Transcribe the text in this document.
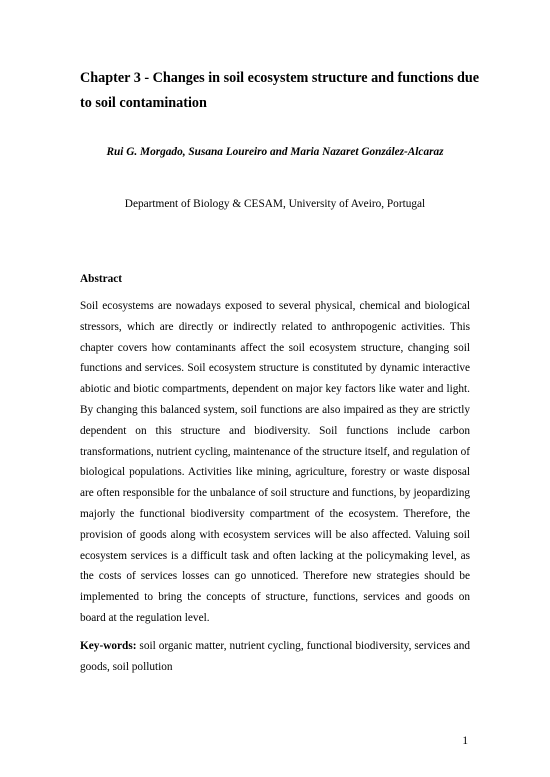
Chapter 3 - Changes in soil ecosystem structure and functions due to soil contamination

Rui G. Morgado, Susana Loureiro and Maria Nazaret González-Alcaraz

Department of Biology & CESAM, University of Aveiro, Portugal

Abstract

Soil ecosystems are nowadays exposed to several physical, chemical and biological stressors, which are directly or indirectly related to anthropogenic activities. This chapter covers how contaminants affect the soil ecosystem structure, changing soil functions and services. Soil ecosystem structure is constituted by dynamic interactive abiotic and biotic compartments, dependent on major key factors like water and light. By changing this balanced system, soil functions are also impaired as they are strictly dependent on this structure and biodiversity. Soil functions include carbon transformations, nutrient cycling, maintenance of the structure itself, and regulation of biological populations. Activities like mining, agriculture, forestry or waste disposal are often responsible for the unbalance of soil structure and functions, by jeopardizing majorly the functional biodiversity compartment of the ecosystem. Therefore, the provision of goods along with ecosystem services will be also affected. Valuing soil ecosystem services is a difficult task and often lacking at the policymaking level, as the costs of services losses can go unnoticed. Therefore new strategies should be implemented to bring the concepts of structure, functions, services and goods on board at the regulation level.

Key-words: soil organic matter, nutrient cycling, functional biodiversity, services and goods, soil pollution

1
